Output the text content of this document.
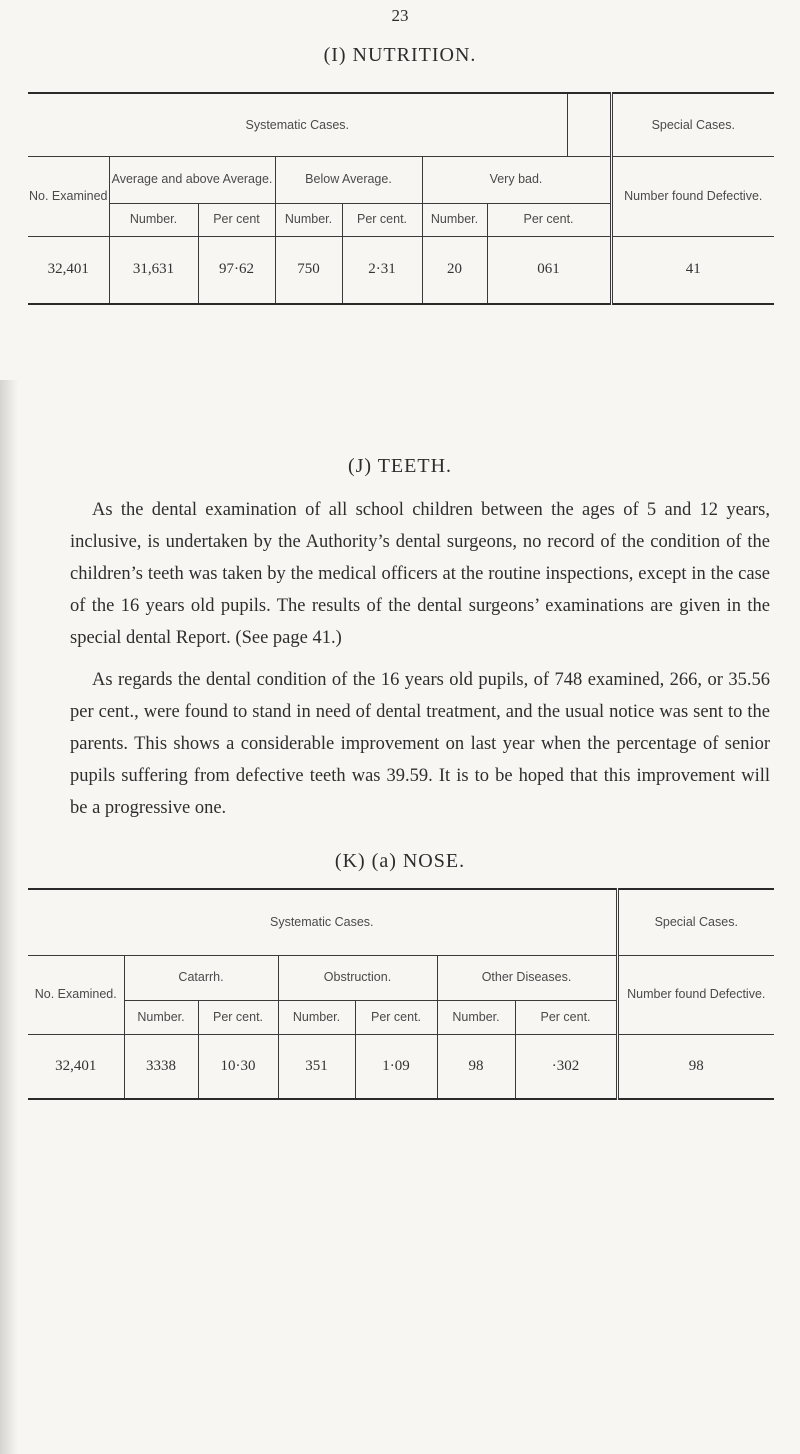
23
(I) NUTRITION.
Systematic Cases.								Special Cases.
No. Examined	Average and above Average.		Below Average.		Very bad.			Number found Defective.
	Number.	Per cent	Number.	Per cent.	Number.	Per cent.		
32,401	31,631	97·62	750	2·31	20	061		41
(J) TEETH.

As the dental examination of all school children between the ages of 5 and 12 years, inclusive, is undertaken by the Authority’s dental surgeons, no record of the condition of the children’s teeth was taken by the medical officers at the routine inspections, except in the case of the 16 years old pupils. The results of the dental surgeons’ examinations are given in the special dental Report. (See page 41.)

As regards the dental condition of the 16 years old pupils, of 748 examined, 266, or 35.56 per cent., were found to stand in need of dental treatment, and the usual notice was sent to the parents. This shows a considerable improvement on last year when the percentage of senior pupils suffering from defective teeth was 39.59. It is to be hoped that this improvement will be a progressive one.

(K) (a) NOSE.
Systematic Cases.							Special Cases.
No. Examined.	Catarrh.		Obstruction.		Other Diseases.		Number found Defective.
	Number.	Per cent.	Number.	Per cent.	Number.	Per cent.	
32,401	3338	10·30	351	1·09	98	·302	98
